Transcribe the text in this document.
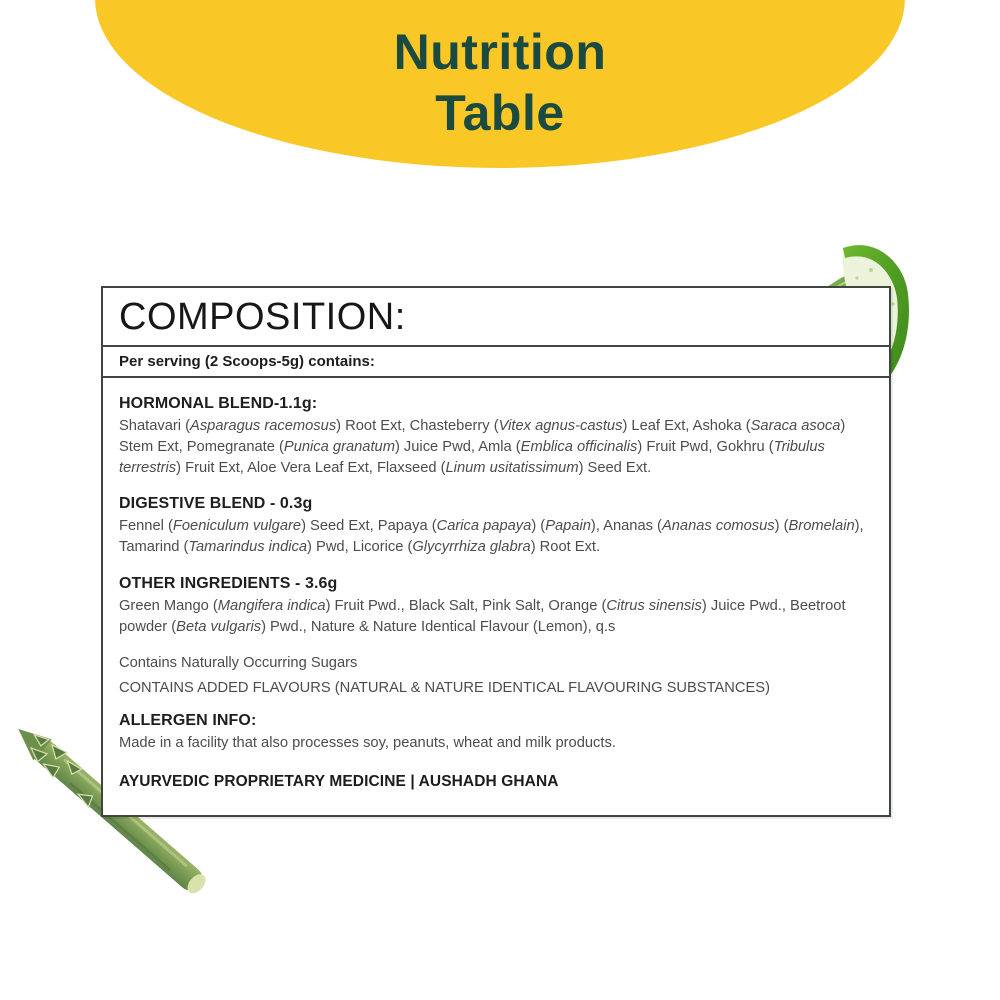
Nutrition
Table
COMPOSITION:
Per serving (2 Scoops-5g) contains:

HORMONAL BLEND-1.1g:

Shatavari (Asparagus racemosus) Root Ext, Chasteberry (Vitex agnus-castus) Leaf Ext, Ashoka (Saraca asoca) Stem Ext, Pomegranate (Punica granatum) Juice Pwd, Amla (Emblica officinalis) Fruit Pwd, Gokhru (Tribulus terrestris) Fruit Ext, Aloe Vera Leaf Ext, Flaxseed (Linum usitatissimum) Seed Ext.

DIGESTIVE BLEND - 0.3g

Fennel (Foeniculum vulgare) Seed Ext, Papaya (Carica papaya) (Papain), Ananas (Ananas comosus) (Bromelain), Tamarind (Tamarindus indica) Pwd, Licorice (Glycyrrhiza glabra) Root Ext.

OTHER INGREDIENTS - 3.6g

Green Mango (Mangifera indica) Fruit Pwd., Black Salt, Pink Salt, Orange (Citrus sinensis) Juice Pwd., Beetroot powder (Beta vulgaris) Pwd., Nature & Nature Identical Flavour (Lemon), q.s

Contains Naturally Occurring Sugars

CONTAINS ADDED FLAVOURS (NATURAL & NATURE IDENTICAL FLAVOURING SUBSTANCES)

ALLERGEN INFO:

Made in a facility that also processes soy, peanuts, wheat and milk products.

AYURVEDIC PROPRIETARY MEDICINE | AUSHADH GHANA
